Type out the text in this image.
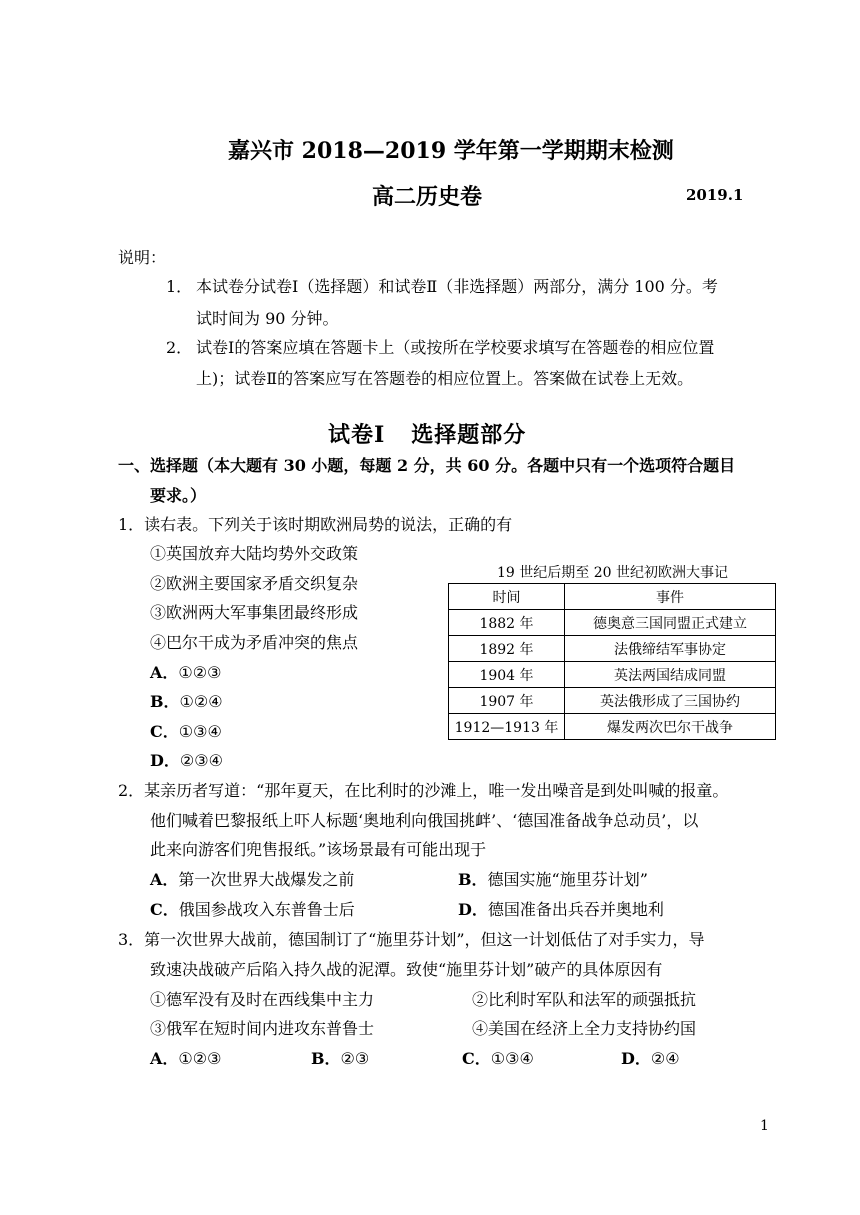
嘉兴市 2018—2019 学年第一学期期末检测
高二历史卷	2019.1
说明：
1． 本试卷分试卷Ⅰ（选择题）和试卷Ⅱ（非选择题）两部分，满分 100 分。考
试时间为 90 分钟。
2． 试卷Ⅰ的答案应填在答题卡上（或按所在学校要求填写在答题卷的相应位置
上)；试卷Ⅱ的答案应写在答题卷的相应位置上。答案做在试卷上无效。
试卷Ⅰ 选择题部分
一、选择题（本大题有 30 小题，每题 2 分，共 60 分。各题中只有一个选项符合题目
要求。）
1．读右表。下列关于该时期欧洲局势的说法，正确的有
①英国放弃大陆均势外交政策
②欧洲主要国家矛盾交织复杂
③欧洲两大军事集团最终形成
④巴尔干成为矛盾冲突的焦点
A．①②③
B．①②④
C．①③④
D．②③④
19 世纪后期至 20 世纪初欧洲大事记
时间	事件
1882 年	德奥意三国同盟正式建立
1892 年	法俄缔结军事协定
1904 年	英法两国结成同盟
1907 年	英法俄形成了三国协约
1912—1913 年	爆发两次巴尔干战争
2．某亲历者写道：“那年夏天，在比利时的沙滩上，唯一发出噪音是到处叫喊的报童。
他们喊着巴黎报纸上吓人标题‘奥地利向俄国挑衅’、‘德国准备战争总动员’，以
此来向游客们兜售报纸。”该场景最有可能出现于
A．第一次世界大战爆发之前	B．德国实施“施里芬计划”
C．俄国参战攻入东普鲁士后	D．德国准备出兵吞并奥地利
3．第一次世界大战前，德国制订了“施里芬计划”，但这一计划低估了对手实力，导
致速决战破产后陷入持久战的泥潭。致使“施里芬计划”破产的具体原因有
①德军没有及时在西线集中主力	②比利时军队和法军的顽强抵抗
③俄军在短时间内进攻东普鲁士	④美国在经济上全力支持协约国
A．①②③	B．②③	C．①③④	D．②④
1
